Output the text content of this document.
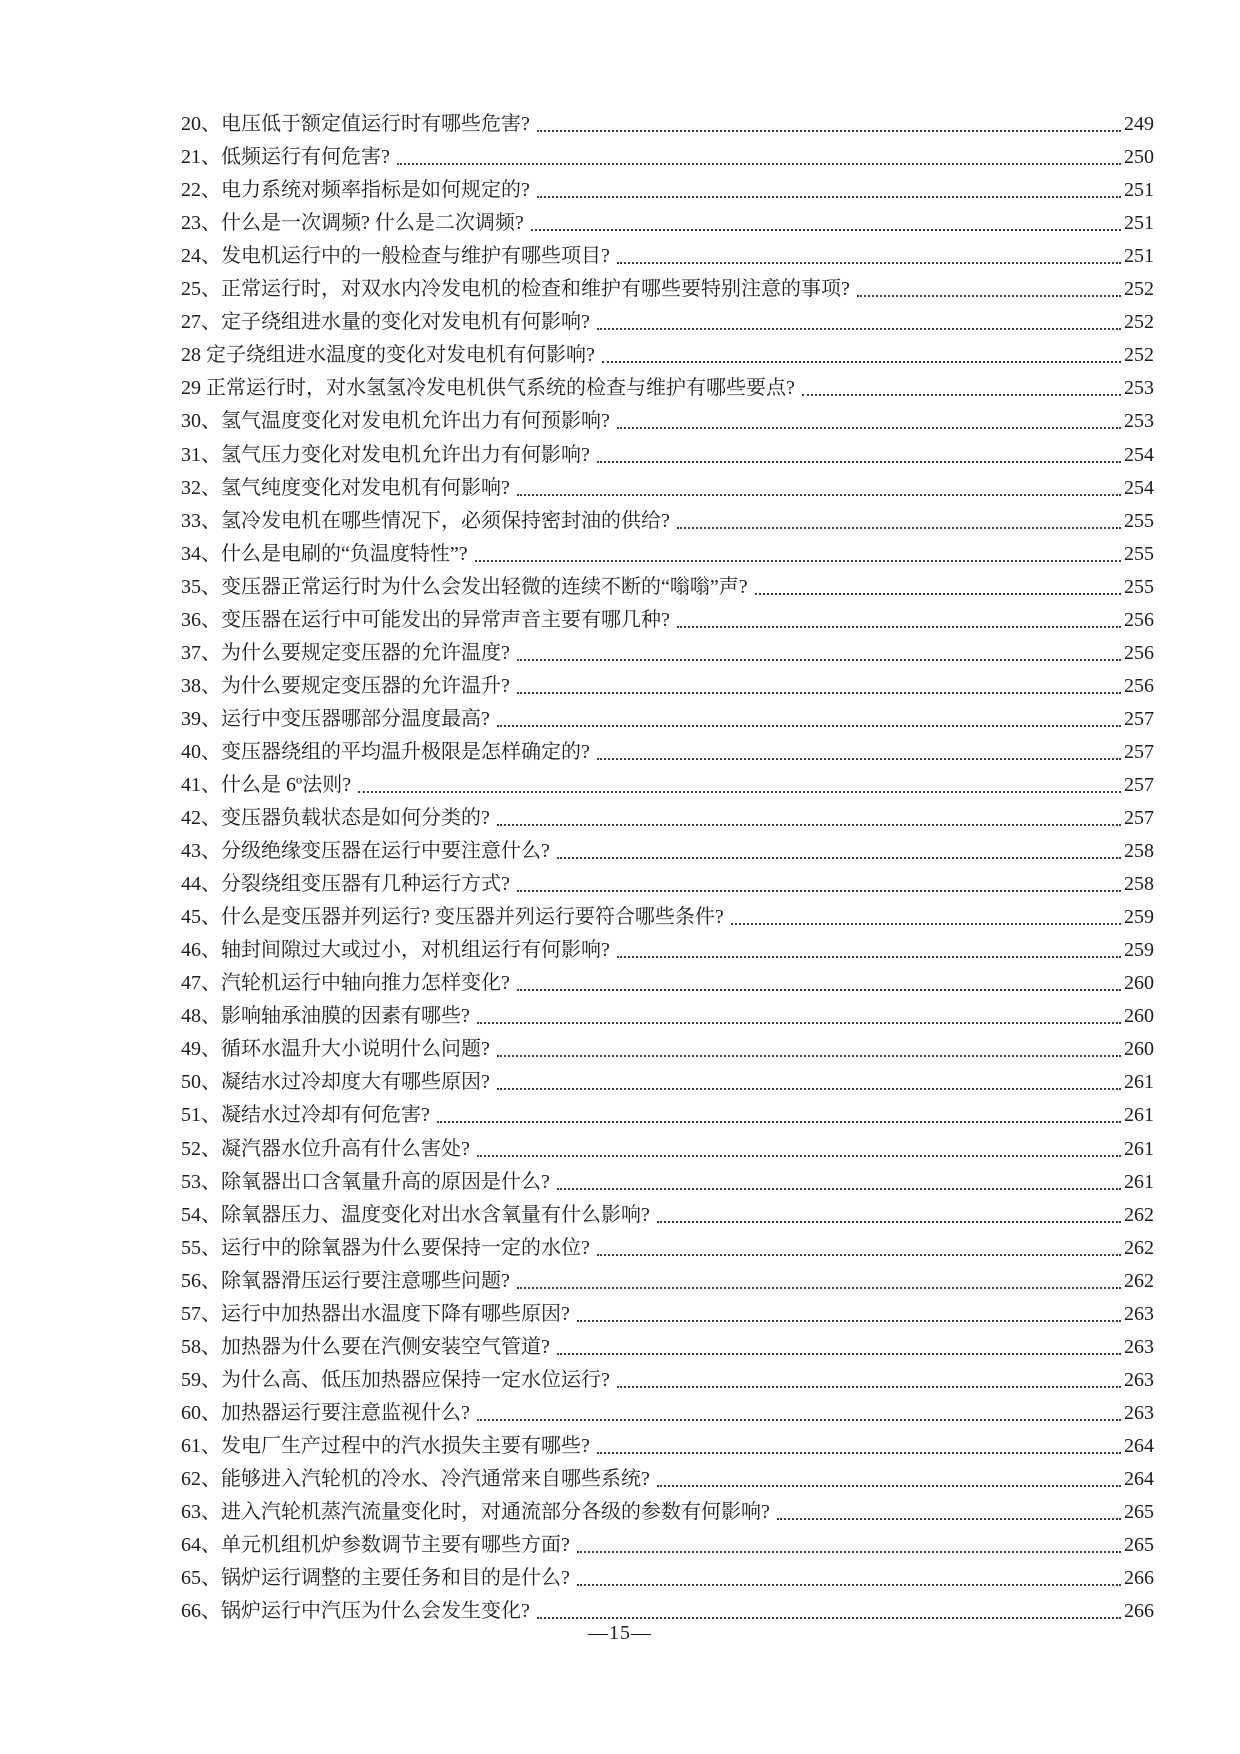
20、 电压低于额定值运行时有哪些危害?	249
21、 低频运行有何危害?	250
22、 电力系统对频率指标是如何规定的?	251
23、 什么是一次调频? 什么是二次调频?	251
24、 发电机运行中的一般检查与维护有哪些项目?	251
25、 正常运行时，对双水内冷发电机的检查和维护有哪些要特别注意的事项?	252
27、 定子绕组进水量的变化对发电机有何影响?	252
28 定子绕组进水温度的变化对发电机有何影响?	252
29 正常运行时，对水氢氢冷发电机供气系统的检查与维护有哪些要点?	253
30、 氢气温度变化对发电机允许出力有何预影响?	253
31、 氢气压力变化对发电机允许出力有何影响?	254
32、 氢气纯度变化对发电机有何影响?	254
33、 氢冷发电机在哪些情况下，必须保持密封油的供给?	255
34、 什么是电刷的“负温度特性”?	255
35、 变压器正常运行时为什么会发出轻微的连续不断的“嗡嗡”声?	255
36、 变压器在运行中可能发出的异常声音主要有哪几种?	256
37、 为什么要规定变压器的允许温度?	256
38、 为什么要规定变压器的允许温升?	256
39、 运行中变压器哪部分温度最高?	257
40、 变压器绕组的平均温升极限是怎样确定的?	257
41、 什么是 6º法则?	257
42、 变压器负载状态是如何分类的?	257
43、 分级绝缘变压器在运行中要注意什么?	258
44、 分裂绕组变压器有几种运行方式?	258
45、 什么是变压器并列运行? 变压器并列运行要符合哪些条件?	259
46、 轴封间隙过大或过小，对机组运行有何影响?	259
47、 汽轮机运行中轴向推力怎样变化?	260
48、 影响轴承油膜的因素有哪些?	260
49、 循环水温升大小说明什么问题?	260
50、 凝结水过冷却度大有哪些原因?	261
51、 凝结水过冷却有何危害?	261
52、 凝汽器水位升高有什么害处?	261
53、 除氧器出口含氧量升高的原因是什么?	261
54、 除氧器压力、温度变化对出水含氧量有什么影响?	262
55、 运行中的除氧器为什么要保持一定的水位?	262
56、 除氧器滑压运行要注意哪些问题?	262
57、 运行中加热器出水温度下降有哪些原因?	263
58、 加热器为什么要在汽侧安装空气管道?	263
59、 为什么高、低压加热器应保持一定水位运行?	263
60、 加热器运行要注意监视什么?	263
61、 发电厂生产过程中的汽水损失主要有哪些?	264
62、 能够进入汽轮机的冷水、冷汽通常来自哪些系统?	264
63、 进入汽轮机蒸汽流量变化时，对通流部分各级的参数有何影响?	265
64、 单元机组机炉参数调节主要有哪些方面?	265
65、 锅炉运行调整的主要任务和目的是什么?	266
66、 锅炉运行中汽压为什么会发生变化?	266
—15—
